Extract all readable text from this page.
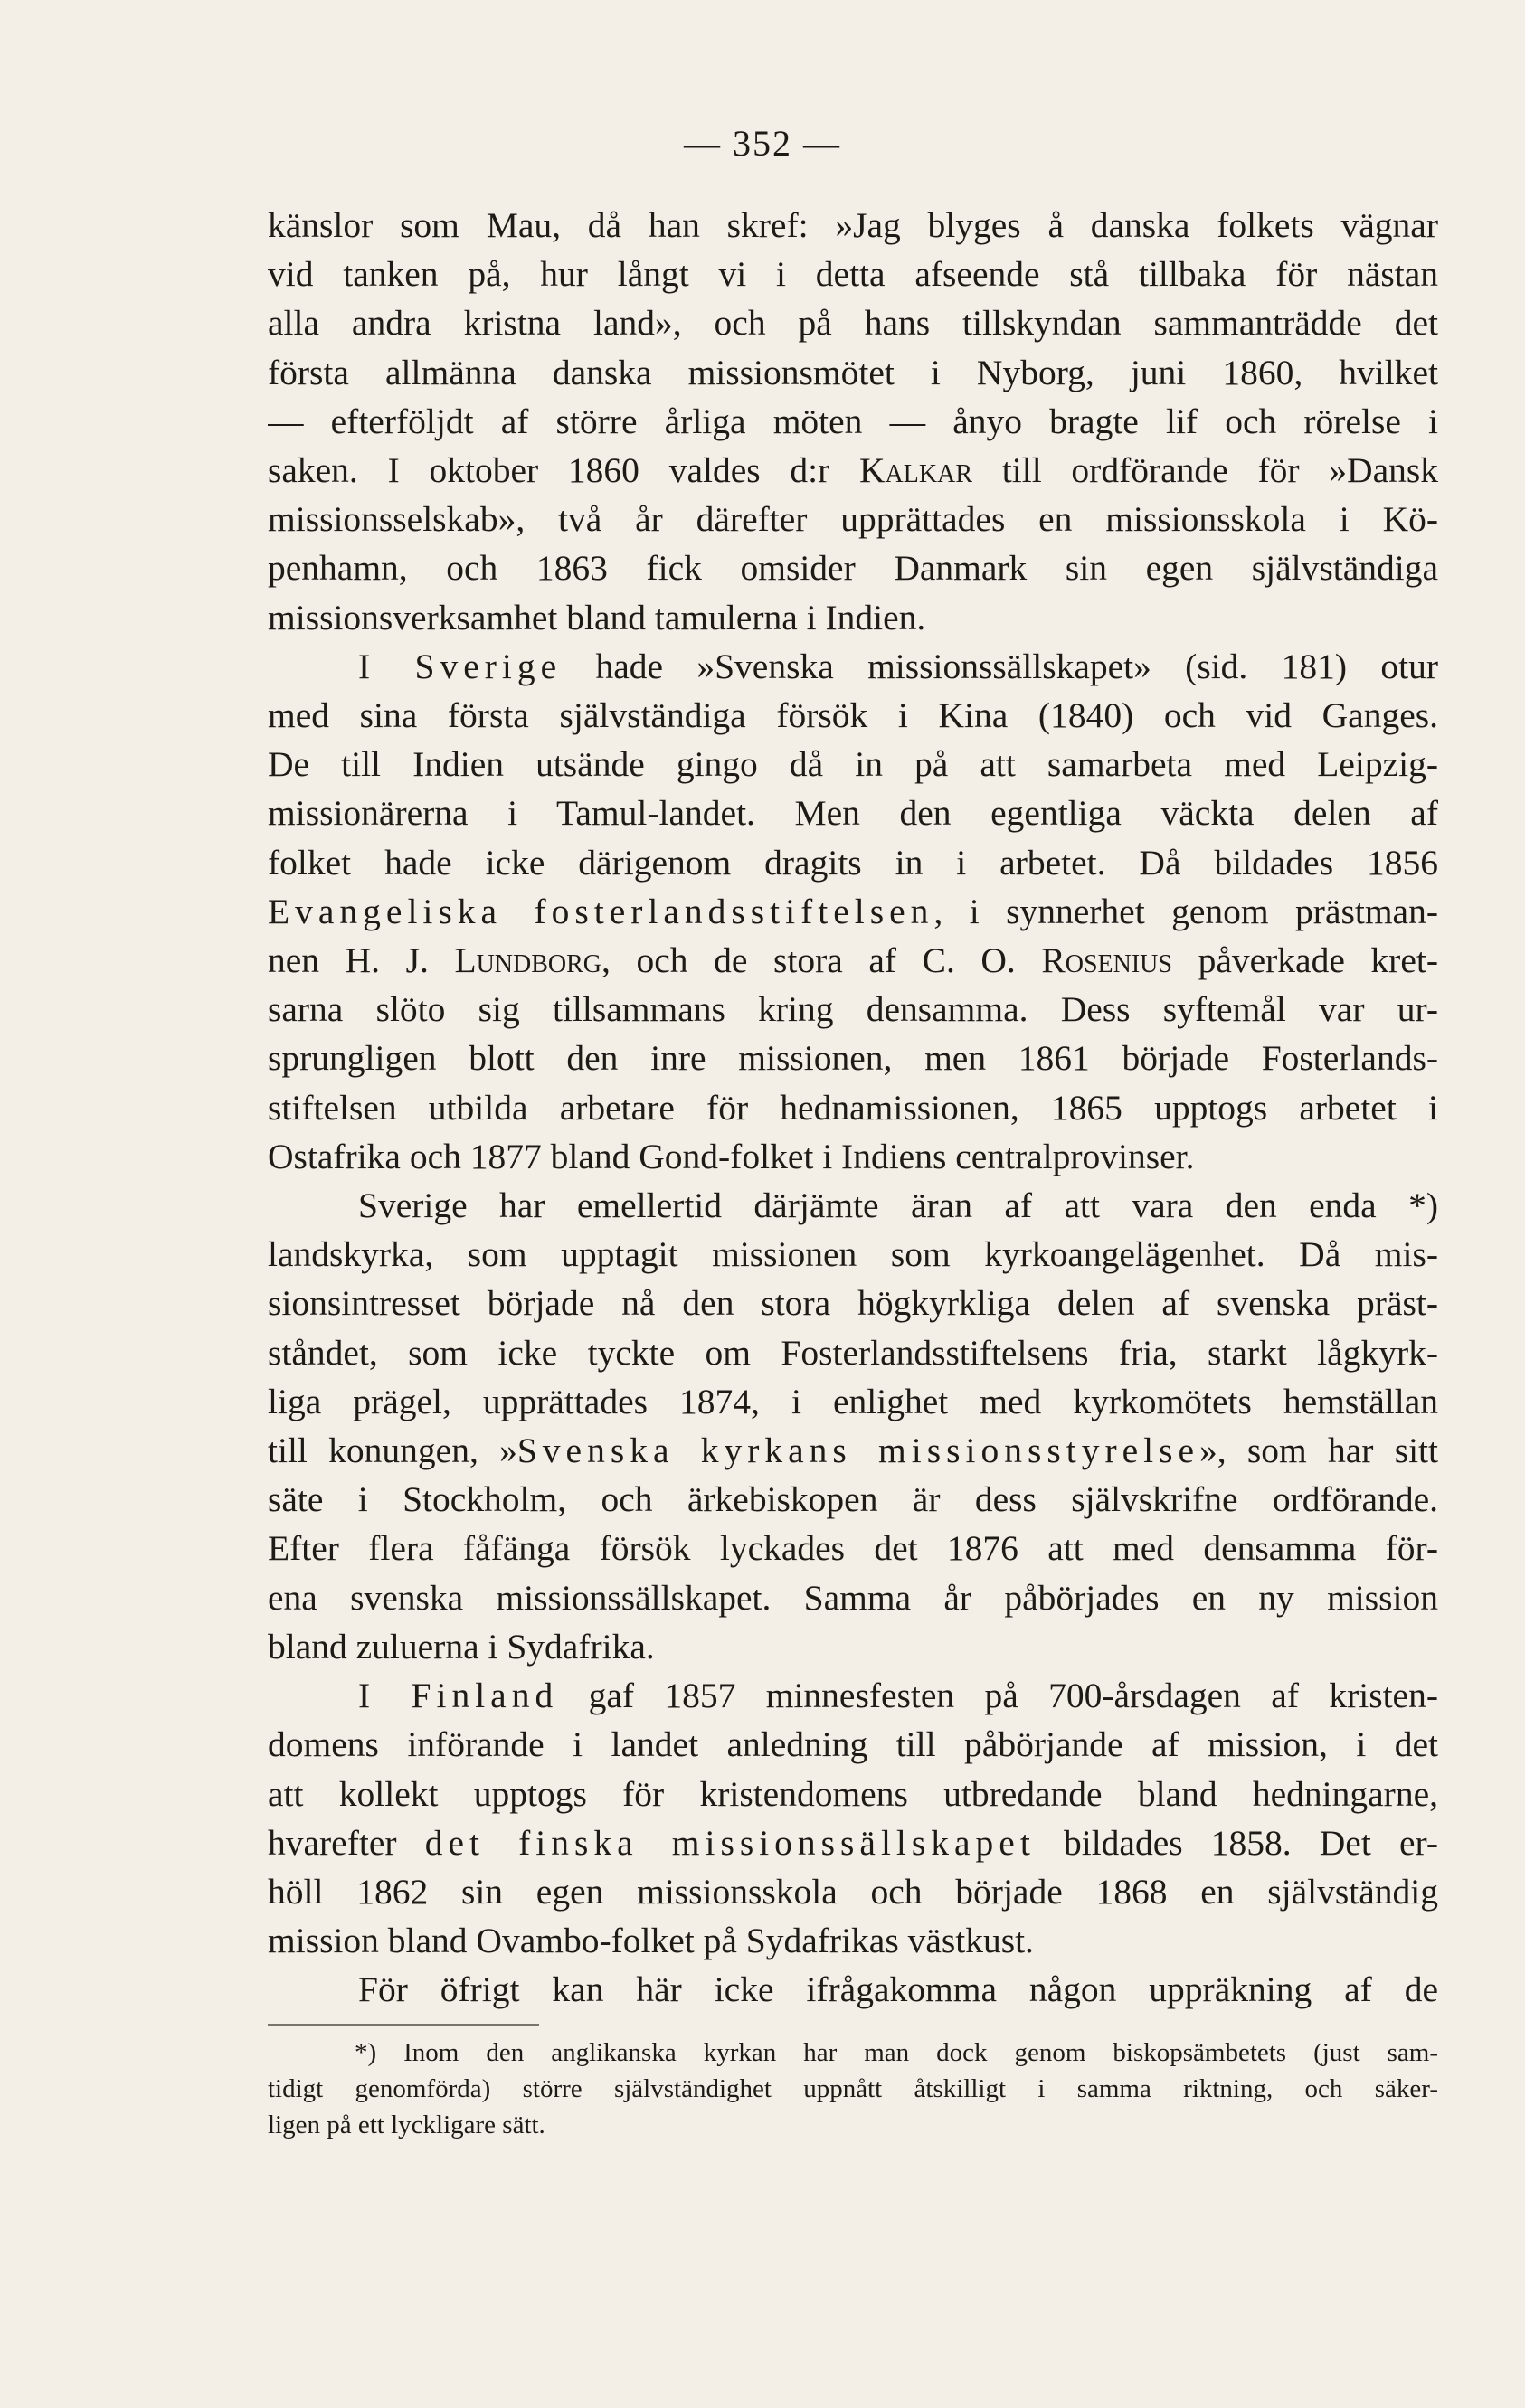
— 352 —
känslor som Mau, då han skref: »Jag blyges å danska folkets vägnar
vid tanken på, hur långt vi i detta afseende stå tillbaka för nästan
alla andra kristna land», och på hans tillskyndan sammanträdde det
första allmänna danska missionsmötet i Nyborg, juni 1860, hvilket
— efterföljdt af större årliga möten — ånyo bragte lif och rörelse i
saken. I oktober 1860 valdes d:r Kalkar till ordförande för »Dansk
missionsselskab», två år därefter upprättades en missionsskola i Kö-
penhamn, och 1863 fick omsider Danmark sin egen självständiga
missionsverksamhet bland tamulerna i Indien.
I Sverige hade »Svenska missionssällskapet» (sid. 181) otur
med sina första självständiga försök i Kina (1840) och vid Ganges.
De till Indien utsände gingo då in på att samarbeta med Leipzig-
missionärerna i Tamul-landet. Men den egentliga väckta delen af
folket hade icke därigenom dragits in i arbetet. Då bildades 1856
Evangeliska fosterlandsstiftelsen, i synnerhet genom prästman-
nen H. J. Lundborg, och de stora af C. O. Rosenius påverkade kret-
sarna slöto sig tillsammans kring densamma. Dess syftemål var ur-
sprungligen blott den inre missionen, men 1861 började Fosterlands-
stiftelsen utbilda arbetare för hednamissionen, 1865 upptogs arbetet i
Ostafrika och 1877 bland Gond-folket i Indiens centralprovinser.
Sverige har emellertid därjämte äran af att vara den enda *)
landskyrka, som upptagit missionen som kyrkoangelägenhet. Då mis-
sionsintresset började nå den stora högkyrkliga delen af svenska präst-
ståndet, som icke tyckte om Fosterlandsstiftelsens fria, starkt lågkyrk-
liga prägel, upprättades 1874, i enlighet med kyrkomötets hemställan
till konungen, »Svenska kyrkans missionsstyrelse», som har sitt
säte i Stockholm, och ärkebiskopen är dess självskrifne ordförande.
Efter flera fåfänga försök lyckades det 1876 att med densamma för-
ena svenska missionssällskapet. Samma år påbörjades en ny mission
bland zuluerna i Sydafrika.
I Finland gaf 1857 minnesfesten på 700-årsdagen af kristen-
domens införande i landet anledning till påbörjande af mission, i det
att kollekt upptogs för kristendomens utbredande bland hedningarne,
hvarefter det finska missionssällskapet bildades 1858. Det er-
höll 1862 sin egen missionsskola och började 1868 en självständig
mission bland Ovambo-folket på Sydafrikas västkust.
För öfrigt kan här icke ifrågakomma någon uppräkning af de
*) Inom den anglikanska kyrkan har man dock genom biskopsämbetets (just sam-
tidigt genomförda) större självständighet uppnått åtskilligt i samma riktning, och säker-
ligen på ett lyckligare sätt.
